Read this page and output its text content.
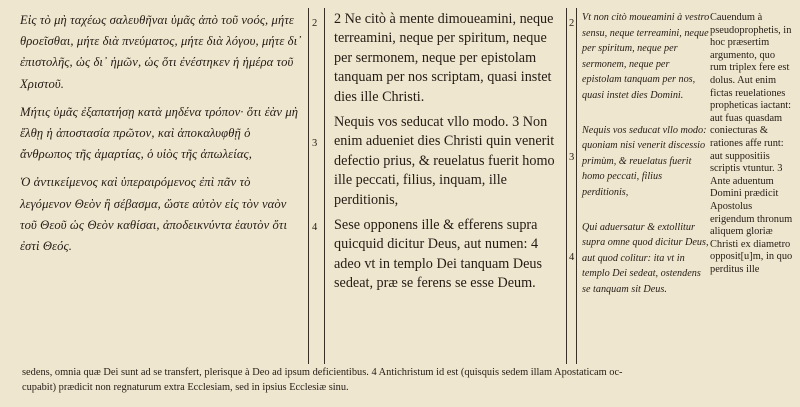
Εἰς τὸ μὴ ταχέως σαλευθῆναι ὑμᾶς ἀπὸ τοῦ νοός, μήτε θροεῖσθαι, μήτε διὰ πνεύματος, μήτε διὰ λόγου, μήτε δι᾽ ἐπιστολῆς, ὡς δι᾽ ἡμῶν, ὡς ὅτι ἐνέστηκεν ἡ ἡμέρα τοῦ Χριστοῦ.

Μήτις ὑμᾶς ἐξαπατήσῃ κατὰ μηδένα τρόπον· ὅτι ἐὰν μὴ ἔλθῃ ἡ ἀποστασία πρῶτον, καὶ ἀποκαλυφθῇ ὁ ἄνθρωπος τῆς ἁμαρτίας, ὁ υἱὸς τῆς ἀπωλείας,

Ὁ ἀντικείμενος καὶ ὑπεραιρόμενος ἐπὶ πᾶν τὸ λεγόμενον Θεὸν ἢ σέβασμα, ὥστε αὐτὸν εἰς τὸν ναὸν τοῦ Θεοῦ ὡς Θεὸν καθίσαι, ἀποδεικνύντα ἑαυτὸν ὅτι ἐστὶ Θεός.

2
3
4
2
3
4

2 Ne citò à mente dimoueamini, neque terreamini, neque per spiritum, neque per sermonem, neque per epistolam tanquam per nos scriptam, quasi instet dies ille Christi.

Nequis vos seducat vllo modo. 3 Non enim adueniet dies Christi quin venerit defectio prius, & reuelatus fuerit homo ille peccati, filius, inquam, ille perditionis,

Sese opponens ille & efferens supra quicquid dicitur Deus, aut numen: 4 adeo vt in templo Dei tanquam Deus sedeat, præ se ferens se esse Deum.

Vt non citò moueamini à vestro sensu, neque terreamini, neque per spiritum, neque per sermonem, neque per epistolam tanquam per nos, quasi instet dies Domini.

Nequis vos seducat vllo modo: quoniam nisi venerit discessio primùm, & reuelatus fuerit homo peccati, filius perditionis,

Qui aduersatur & extollitur supra omne quod dicitur Deus, aut quod colitur: ita vt in templo Dei sedeat, ostendens se tanquam sit Deus.

Cauendum à pseudoprophetis, in hoc præsertim argumento, quo rum triplex fere est dolus. Aut enim fictas reuelationes propheticas iactant: aut fuas quasdam coniecturas & rationes affe runt: aut suppositiis scriptis vtuntur. 3 Ante aduentum Domini prædicit Apostolus erigendum thronum aliquem gloriæ Christi ex diametro opposit[u]m, in quo perditus ille

sedens, omnia quæ Dei sunt ad se transfert, plerisque à Deo ad ipsum deficientibus. 4 Antichristum id est (quisquis sedem illam Apostaticam oc-

cupabit) prædicit non regnaturum extra Ecclesiam, sed in ipsius Ecclesiæ sinu.
